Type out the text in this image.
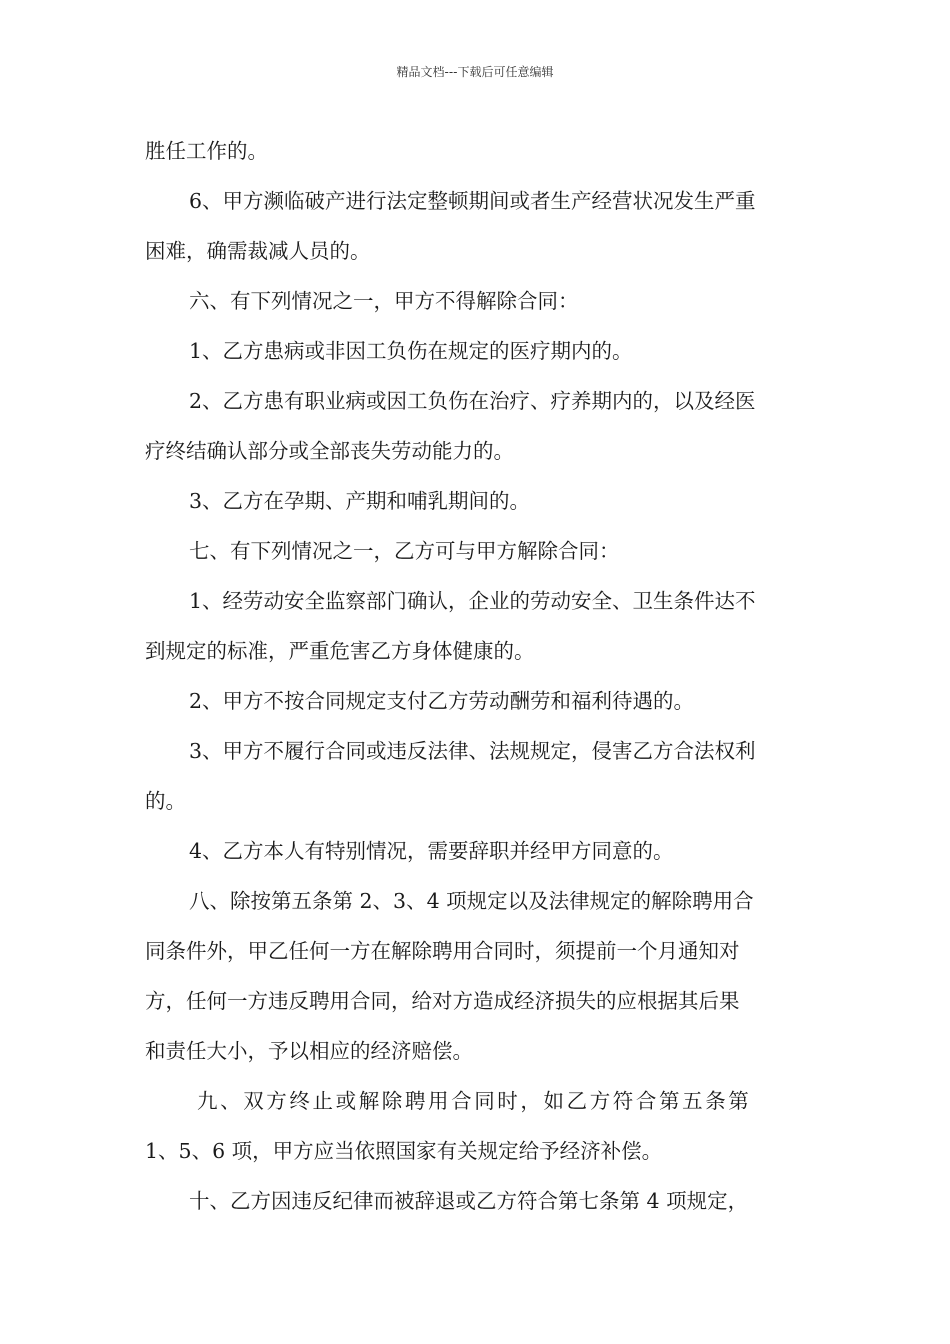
精品文档---下载后可任意编辑

胜任工作的。

6、甲方濒临破产进行法定整顿期间或者生产经营状况发生严重

困难，确需裁减人员的。

六、有下列情况之一，甲方不得解除合同：

1、乙方患病或非因工负伤在规定的医疗期内的。

2、乙方患有职业病或因工负伤在治疗、疗养期内的，以及经医

疗终结确认部分或全部丧失劳动能力的。

3、乙方在孕期、产期和哺乳期间的。

七、有下列情况之一，乙方可与甲方解除合同：

1、经劳动安全监察部门确认，企业的劳动安全、卫生条件达不

到规定的标准，严重危害乙方身体健康的。

2、甲方不按合同规定支付乙方劳动酬劳和福利待遇的。

3、甲方不履行合同或违反法律、法规规定，侵害乙方合法权利

的。

4、乙方本人有特别情况，需要辞职并经甲方同意的。

八、除按第五条第 2、3、4 项规定以及法律规定的解除聘用合

同条件外，甲乙任何一方在解除聘用合同时，须提前一个月通知对

方，任何一方违反聘用合同，给对方造成经济损失的应根据其后果

和责任大小，予以相应的经济赔偿。

九、双方终止或解除聘用合同时，如乙方符合第五条第

1、5、6 项，甲方应当依照国家有关规定给予经济补偿。

十、乙方因违反纪律而被辞退或乙方符合第七条第 4 项规定，
